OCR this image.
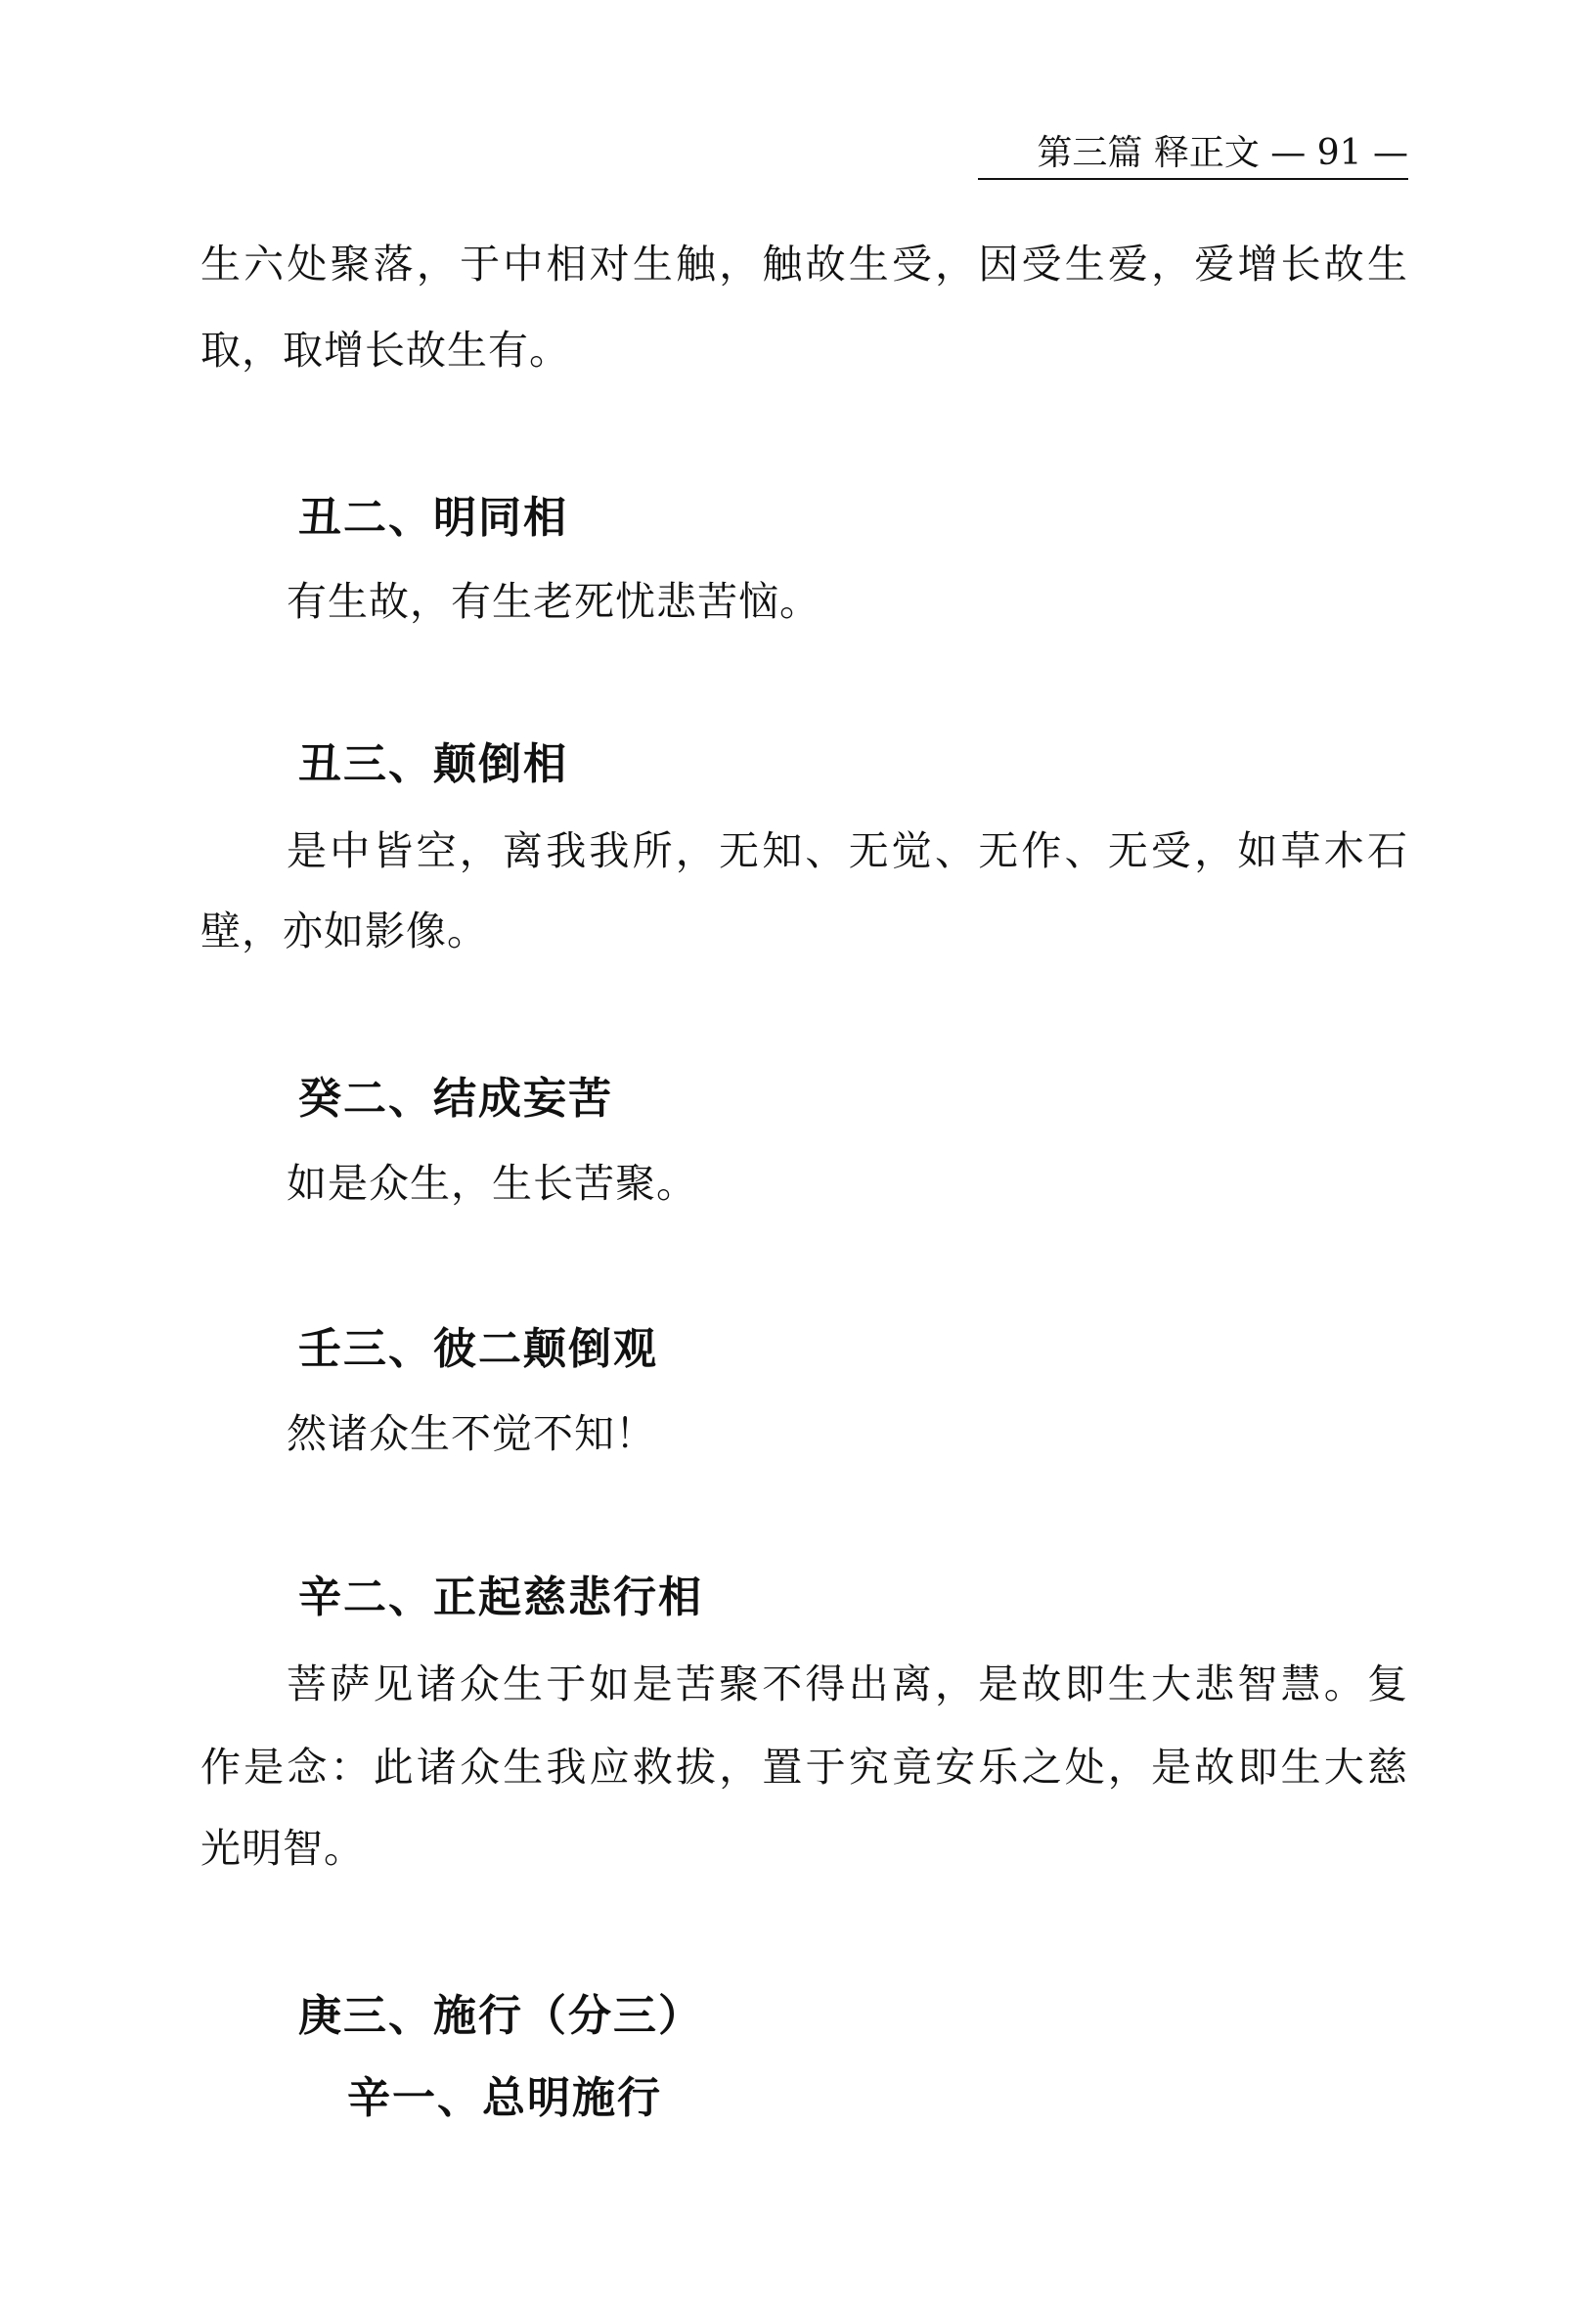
第三篇 释正文 — 91 —
生六处聚落，于中相对生触，触故生受，因受生爱，爱增长故生
取，取增长故生有。
丑二、明同相
有生故，有生老死忧悲苦恼。
丑三、颠倒相
是中皆空，离我我所，无知、无觉、无作、无受，如草木石
壁，亦如影像。
癸二、结成妄苦
如是众生，生长苦聚。
壬三、彼二颠倒观
然诸众生不觉不知！
辛二、正起慈悲行相
菩萨见诸众生于如是苦聚不得出离，是故即生大悲智慧。复
作是念：此诸众生我应救拔，置于究竟安乐之处，是故即生大慈
光明智。
庚三、施行（分三）
辛一、总明施行
